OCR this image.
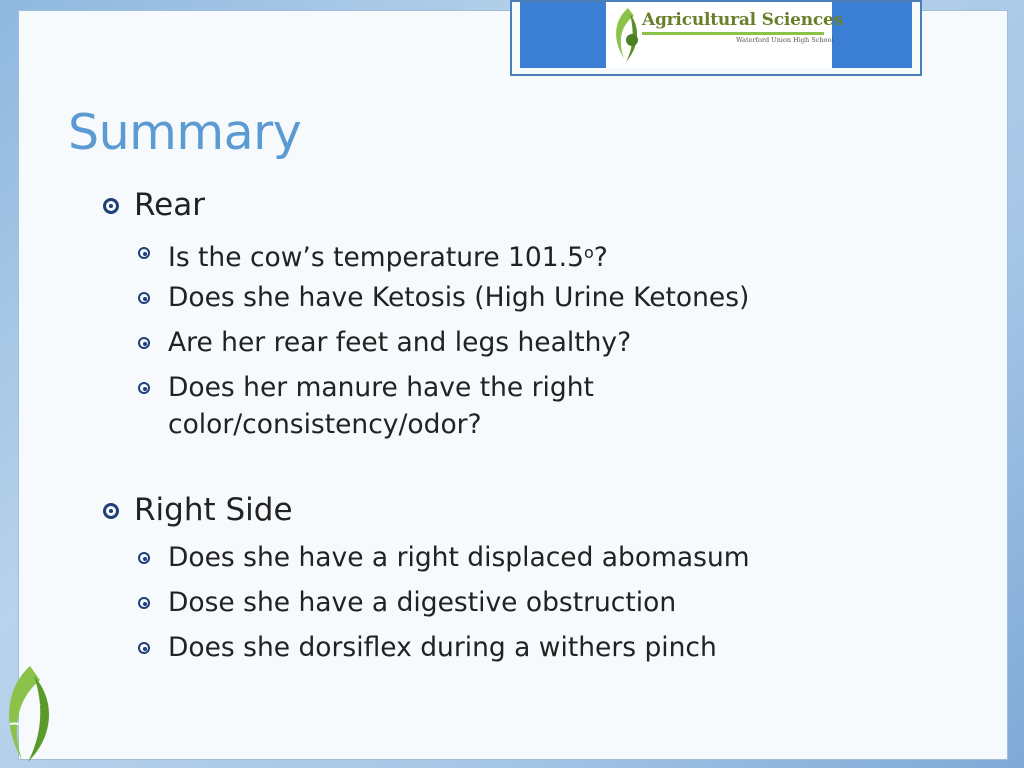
Agricultural Sciences
Waterford Union High School
Summary
Rear
Is the cow’s temperature 101.5$^o$?
Does she have Ketosis (High Urine Ketones)
Are her rear feet and legs healthy?
Does her manure have the right
color/consistency/odor?
Right Side
Does she have a right displaced abomasum
Dose she have a digestive obstruction
Does she dorsiflex during a withers pinch
